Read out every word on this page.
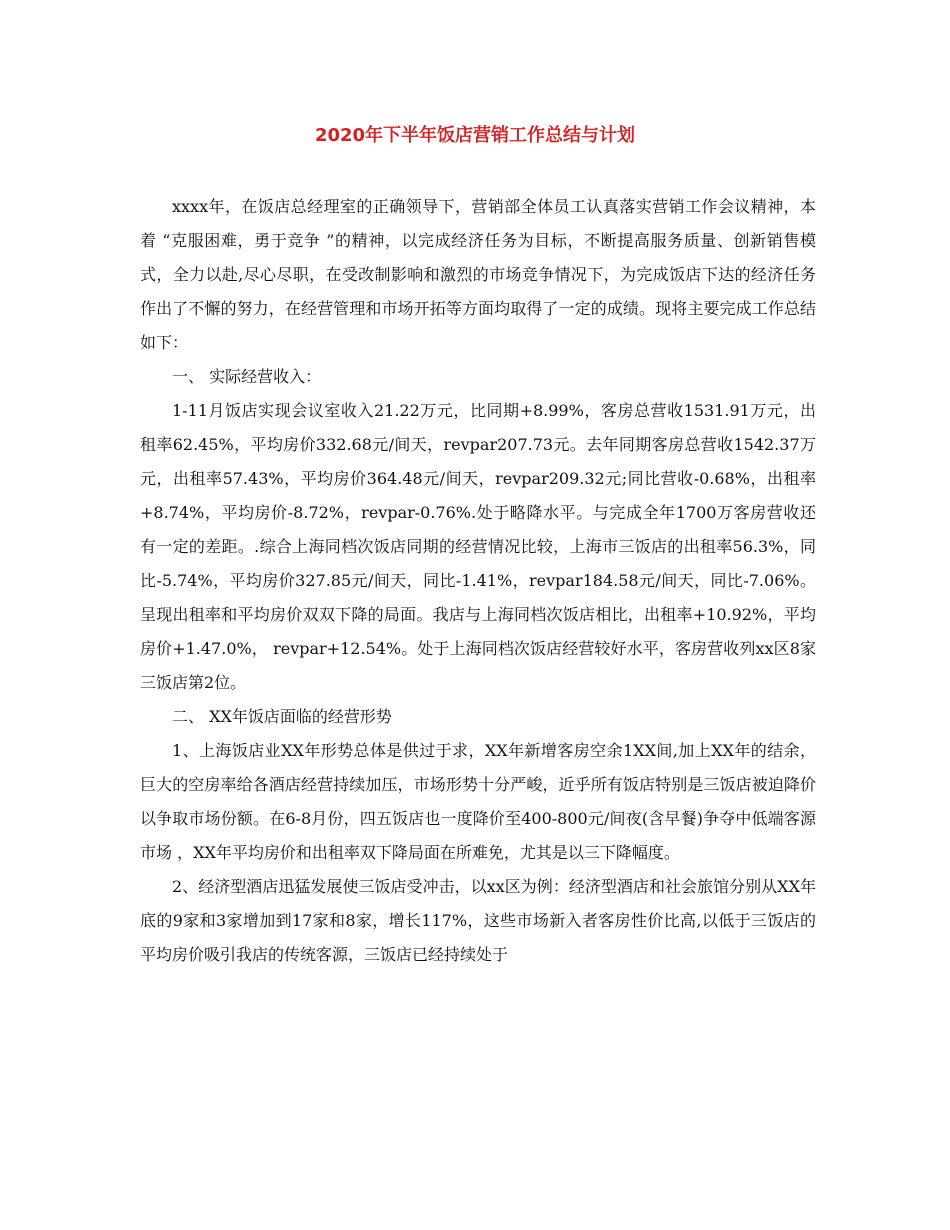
2020年下半年饭店营销工作总结与计划

xxxx年，在饭店总经理室的正确领导下，营销部全体员工认真落实营销工作会议精神，本着 “克服困难，勇于竞争 ”的精神，以完成经济任务为目标，不断提高服务质量、创新销售模式，全力以赴,尽心尽职，在受改制影响和激烈的市场竞争情况下，为完成饭店下达的经济任务作出了不懈的努力，在经营管理和市场开拓等方面均取得了一定的成绩。现将主要完成工作总结如下：

一、 实际经营收入：

1-11月饭店实现会议室收入21.22万元，比同期+8.99%，客房总营收1531.91万元，出租率62.45%，平均房价332.68元/间天，revpar207.73元。去年同期客房总营收1542.37万元，出租率57.43%，平均房价364.48元/间天，revpar209.32元;同比营收-0.68%，出租率+8.74%，平均房价-8.72%，revpar-0.76%.处于略降水平。与完成全年1700万客房营收还有一定的差距。.综合上海同档次饭店同期的经营情况比较，上海市三饭店的出租率56.3%，同比-5.74%，平均房价327.85元/间天，同比-1.41%，revpar184.58元/间天，同比-7.06%。呈现出租率和平均房价双双下降的局面。我店与上海同档次饭店相比，出租率+10.92%，平均房价+1.47.0%， revpar+12.54%。处于上海同档次饭店经营较好水平，客房营收列xx区8家三饭店第2位。

二、 XX年饭店面临的经营形势

1、上海饭店业XX年形势总体是供过于求，XX年新增客房空余1XX间,加上XX年的结余，巨大的空房率给各酒店经营持续加压，市场形势十分严峻，近乎所有饭店特别是三饭店被迫降价以争取市场份额。在6-8月份，四五饭店也一度降价至400-800元/间夜(含早餐)争夺中低端客源市场 ，XX年平均房价和出租率双下降局面在所难免，尤其是以三下降幅度。

2、经济型酒店迅猛发展使三饭店受冲击，以xx区为例：经济型酒店和社会旅馆分别从XX年底的9家和3家增加到17家和8家，增长117%，这些市场新入者客房性价比高,以低于三饭店的平均房价吸引我店的传统客源，三饭店已经持续处于
